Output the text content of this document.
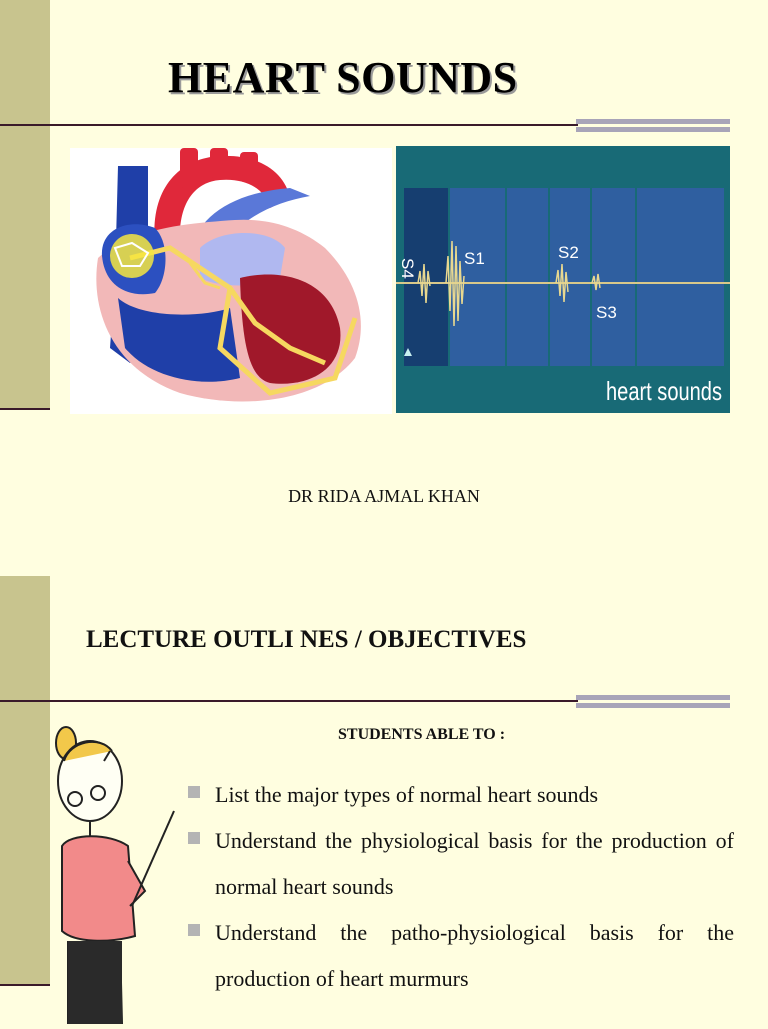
HEART SOUNDS
S4	S1	S2
S3
heart sounds
DR RIDA AJMAL KHAN
LECTURE OUTLI NES / OBJECTIVES
STUDENTS ABLE TO :
List the major types of normal heart sounds
Understand the physiological basis for the production of normal heart sounds
Understand the patho-physiological basis for the production of heart murmurs
